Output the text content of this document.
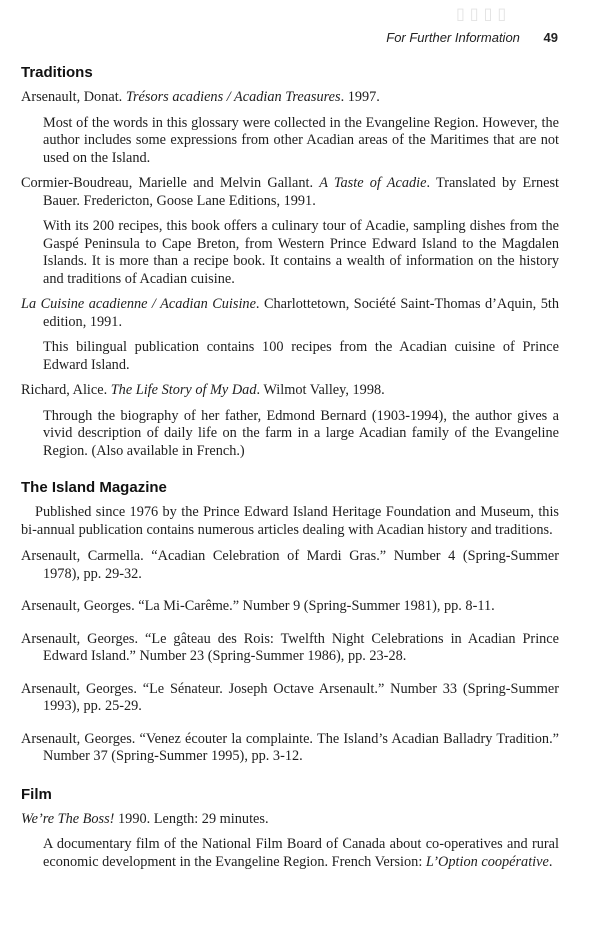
▯▯▯▯
For Further Information 49
Traditions

Arsenault, Donat. Trésors acadiens / Acadian Treasures. 1997.

Most of the words in this glossary were collected in the Evangeline Region. However, the author includes some expressions from other Acadian areas of the Maritimes that are not used on the Island.

Cormier-Boudreau, Marielle and Melvin Gallant. A Taste of Acadie. Translated by Ernest Bauer. Fredericton, Goose Lane Editions, 1991.

With its 200 recipes, this book offers a culinary tour of Acadie, sampling dishes from the Gaspé Peninsula to Cape Breton, from Western Prince Edward Island to the Magdalen Islands. It is more than a recipe book. It contains a wealth of information on the history and traditions of Acadian cuisine.

La Cuisine acadienne / Acadian Cuisine. Charlottetown, Société Saint-Thomas d’Aquin, 5th edition, 1991.

This bilingual publication contains 100 recipes from the Acadian cuisine of Prince Edward Island.

Richard, Alice. The Life Story of My Dad. Wilmot Valley, 1998.

Through the biography of her father, Edmond Bernard (1903-1994), the author gives a vivid description of daily life on the farm in a large Acadian family of the Evangeline Region. (Also available in French.)

The Island Magazine

Published since 1976 by the Prince Edward Island Heritage Foundation and Museum, this bi-annual publication contains numerous articles dealing with Acadian history and traditions.

Arsenault, Carmella. “Acadian Celebration of Mardi Gras.” Number 4 (Spring-Summer 1978), pp. 29-32.

Arsenault, Georges. “La Mi-Carême.” Number 9 (Spring-Summer 1981), pp. 8-11.

Arsenault, Georges. “Le gâteau des Rois: Twelfth Night Celebrations in Acadian Prince Edward Island.” Number 23 (Spring-Summer 1986), pp. 23-28.

Arsenault, Georges. “Le Sénateur. Joseph Octave Arsenault.” Number 33 (Spring-Summer 1993), pp. 25-29.

Arsenault, Georges. “Venez écouter la complainte. The Island’s Acadian Balladry Tradition.” Number 37 (Spring-Summer 1995), pp. 3-12.

Film

We’re The Boss! 1990. Length: 29 minutes.

A documentary film of the National Film Board of Canada about co-operatives and rural economic development in the Evangeline Region. French Version: L’Option coopérative.
